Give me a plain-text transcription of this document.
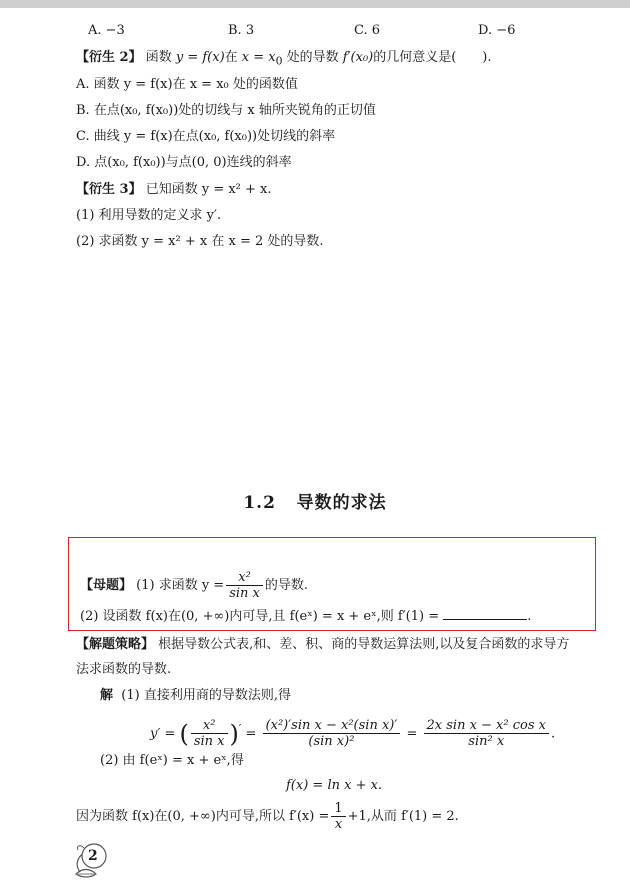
A. −3	B. 3	C. 6	D. −6
【衍生 2】 函数 y = f(x)在 $x = x_0$ 处的导数 f′(x₀)的几何意义是(　　).
A. 函数 y = f(x)在 x = x₀ 处的函数值
B. 在点(x₀, f(x₀))处的切线与 x 轴所夹锐角的正切值
C. 曲线 y = f(x)在点(x₀, f(x₀))处切线的斜率
D. 点(x₀, f(x₀))与点(0, 0)连线的斜率
【衍生 3】 已知函数 y = x² + x.
(1) 利用导数的定义求 y′.
(2) 求函数 y = x² + x 在 x = 2 处的导数.
1.2 导数的求法
【母题】 (1) 求函数 $y = \frac{\text{x²}}{\text{sin x}}$ 的导数.
(2) 设函数 f(x)在(0, +∞)内可导,且 f(eˣ) = x + eˣ,则 f′(1) =	.
【解题策略】 根据导数公式表,和、差、积、商的导数运算法则,以及复合函数的求导方
法求函数的导数.
解 (1) 直接利用商的导数法则,得
y′ = ( $\frac{\text{x²}}{\text{sin x}} )' = \frac{\text{(x²)′sin x − x²(sin x)′}}{\text{(sin x)²}} = \frac{\text{2x sin x − x² cos x}}{\text{sin² x}}$ .
(2) 由 f(eˣ) = x + eˣ,得
f(x) = ln x + x.
因为函数 f(x)在(0, +∞)内可导,所以 $f'(x) = \frac{1}{x} +1$,从而 f′(1) = 2.
2
